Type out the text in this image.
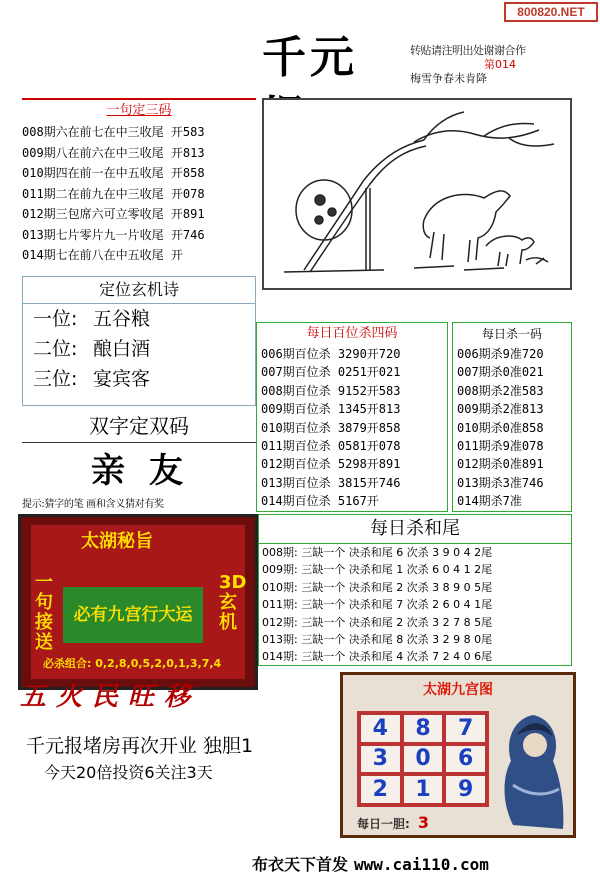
800820.NET
千元	转贴请注明出处谢谢合作
第014
梅雪争春未肯降
一句定三码
008期六在前七在中三收尾 开583
009期八在前六在中三收尾 开813
010期四在前一在中五收尾 开858
011期二在前九在中三收尾 开078
012期三包席六可立零收尾 开891
013期七片零片九一片收尾 开746
014期七在前八在中五收尾 开
定位玄机诗
一位: 五谷粮
二位: 酿白酒
三位: 宴宾客
双字定双码
亲友
提示:猜字的笔 画和含义猜对有奖
每日百位杀四码
006期百位杀 3290开720
007期百位杀 0251开021
008期百位杀 9152开583
009期百位杀 1345开813
010期百位杀 3879开858
011期百位杀 0581开078
012期百位杀 5298开891
013期百位杀 3815开746
014期百位杀 5167开
每日杀一码
006期杀9准720
007期杀0准021
008期杀2准583
009期杀2准813
010期杀0准858
011期杀9准078
012期杀0准891
013期杀3准746
014期杀7准
太湖秘旨
一句接送
3D玄机
必有九宫行大运
必杀组合: 0,2,8,0,5,2,0,1,3,7,4
每日杀和尾
008期: 三缺一个 决杀和尾 6 次杀 3 9 0 4 2尾
009期: 三缺一个 决杀和尾 1 次杀 6 0 4 1 2尾
010期: 三缺一个 决杀和尾 2 次杀 3 8 9 0 5尾
011期: 三缺一个 决杀和尾 7 次杀 2 6 0 4 1尾
012期: 三缺一个 决杀和尾 2 次杀 3 2 7 8 5尾
013期: 三缺一个 决杀和尾 8 次杀 3 2 9 8 0尾
014期: 三缺一个 决杀和尾 4 次杀 7 2 4 0 6尾
五火民旺移	太湖九宫图
4	8	7
3	0	6
2	1	9
每日一胆: 3
千元报堵房再次开业 独胆1
今天20倍投资6关注3天
布衣天下首发 www.cai110.com
